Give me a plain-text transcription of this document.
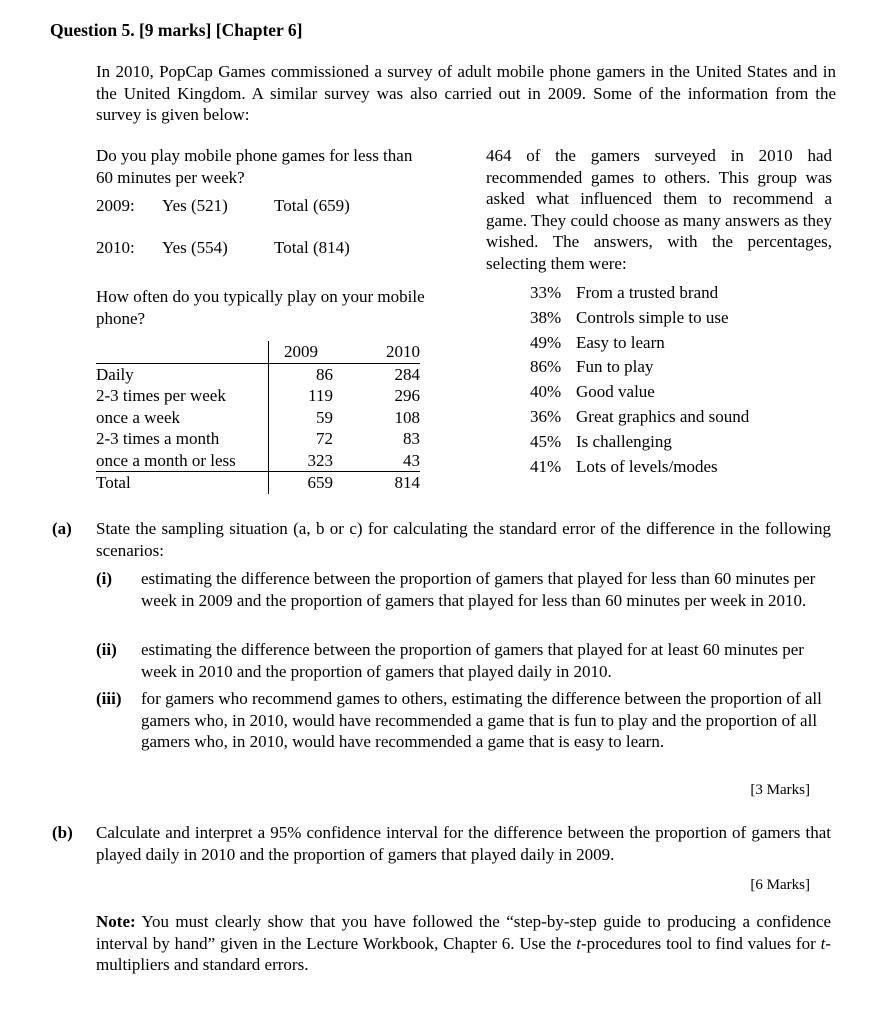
Question 5. [9 marks] [Chapter 6]
In 2010, PopCap Games commissioned a survey of adult mobile phone gamers in the United States and in the United Kingdom. A similar survey was also carried out in 2009. Some of the information from the survey is given below:
Do you play mobile phone games for less than 60 minutes per week?
2009:	Yes (521)	Total (659)
2010:	Yes (554)	Total (814)
How often do you typically play on your mobile phone?
	2009	2010
Daily	86	284
2-3 times per week	119	296
once a week	59	108
2-3 times a month	72	83
once a month or less	323	43
Total	659	814
464 of the gamers surveyed in 2010 had recommended games to others. This group was asked what influenced them to recommend a game. They could choose as many answers as they wished. The answers, with the percentages, selecting them were:
33% From a trusted brand
38% Controls simple to use
49% Easy to learn
86% Fun to play
40% Good value
36% Great graphics and sound
45% Is challenging
41% Lots of levels/modes
(a) State the sampling situation (a, b or c) for calculating the standard error of the difference in the following scenarios:
(i) estimating the difference between the proportion of gamers that played for less than 60 minutes per week in 2009 and the proportion of gamers that played for less than 60 minutes per week in 2010.
(ii) estimating the difference between the proportion of gamers that played for at least 60 minutes per week in 2010 and the proportion of gamers that played daily in 2010.
(iii) for gamers who recommend games to others, estimating the difference between the proportion of all gamers who, in 2010, would have recommended a game that is fun to play and the proportion of all gamers who, in 2010, would have recommended a game that is easy to learn.
[3 Marks]
(b) Calculate and interpret a 95% confidence interval for the difference between the proportion of gamers that played daily in 2010 and the proportion of gamers that played daily in 2009.
[6 Marks]
Note: You must clearly show that you have followed the “step-by-step guide to producing a confidence interval by hand” given in the Lecture Workbook, Chapter 6. Use the t-procedures tool to find values for t-multipliers and standard errors.
